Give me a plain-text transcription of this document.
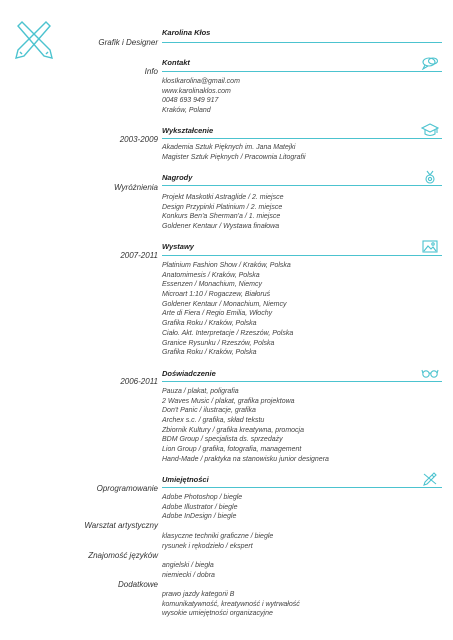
Karolina Kłos
Grafik i Designer
Kontakt
Info
klosIkarolina@gmail.com
www.karolinaklos.com
0048 693 949 917
Kraków, Poland
Wykształcenie
2003-2009
Akademia Sztuk Pięknych im. Jana Matejki
Magister Sztuk Pięknych / Pracownia Litografii
Nagrody
Wyróżnienia
Projekt Maskotki Astraglide / 2. miejsce
Design Przypinki Platinium / 2. miejsce
Konkurs Ben'a Sherman'a / 1. miejsce
Goldener Kentaur / Wystawa finałowa
Wystawy
2007-2011
Platinium Fashion Show / Kraków, Polska
Anatomimesis / Kraków, Polska
Essenzen / Monachium, Niemcy
Microart 1:10 / Rogaczew, Białoruś
Goldener Kentaur / Monachium, Niemcy
Arte di Fiera / Regio Emilia, Włochy
Grafika Roku / Kraków, Polska
Ciało. Akt. Interpretacje / Rzeszów, Polska
Granice Rysunku / Rzeszów, Polska
Grafika Roku / Kraków, Polska
Doświadczenie
2006-2011
Pauza / plakat, poligrafia
2 Waves Music / plakat, grafika projektowa
Don't Panic / ilustracje, grafika
Archex s.c. / grafika, skład tekstu
Zbiornik Kultury / grafika kreatywna, promocja
BDM Group / specjalista ds. sprzedaży
Lion Group / grafika, fotografia, management
Hand-Made / praktyka na stanowisku junior designera
Umiejętności
Oprogramowanie
Adobe Photoshop / biegle
Adobe Illustrator / biegle
Adobe InDesign / biegle
Warsztat artystyczny
klasyczne techniki graficzne / biegle
rysunek i rękodzieło / ekspert
Znajomość języków
angielski / biegła
niemiecki / dobra
Dodatkowe
prawo jazdy kategorii B
komunikatywność, kreatywność i wytrwałość
wysokie umiejętności organizacyjne
